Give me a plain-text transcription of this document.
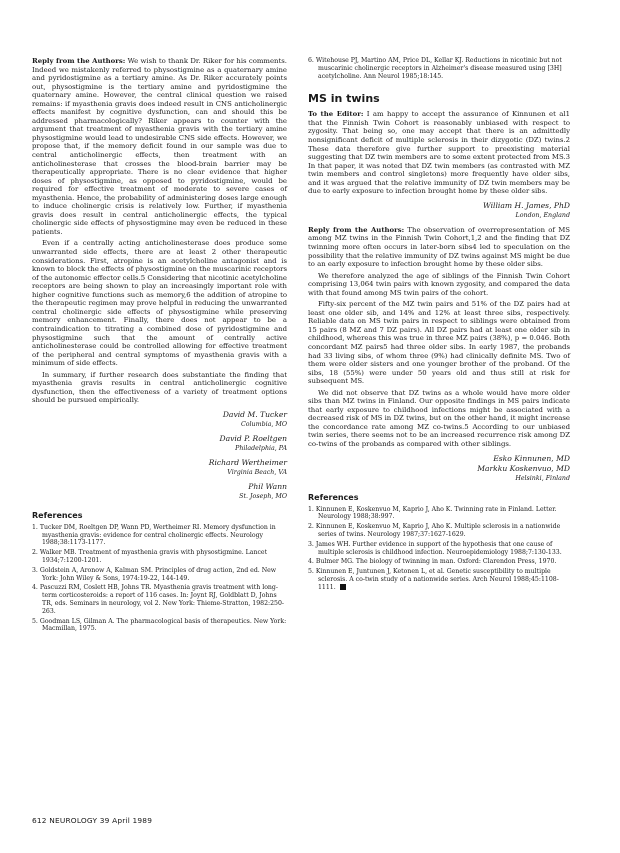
Reply from the Authors: We wish to thank Dr. Riker for his comments. Indeed we mistakenly referred to physostigmine as a quaternary amine and pyridostigmine as a tertiary amine. As Dr. Riker accurately points out, physostigmine is the tertiary amine and pyridostigmine the quaternary amine. However, the central clinical question we raised remains: if myasthenia gravis does indeed result in CNS anticholinergic effects manifest by cognitive dysfunction, can and should this be addressed pharmacologically? Riker appears to counter with the argument that treatment of myasthenia gravis with the tertiary amine physostigmine would lead to undesirable CNS side effects. However, we propose that, if the memory deficit found in our sample was due to central anticholinergic effects, then treatment with an anticholinesterase that crosses the blood-brain barrier may be therapeutically appropriate. There is no clear evidence that higher doses of physostigmine, as opposed to pyridostigmine, would be required for effective treatment of moderate to severe cases of myasthenia. Hence, the probability of administering doses large enough to induce cholinergic crisis is relatively low. Further, if myasthenia gravis does result in central anticholinergic effects, the typical cholinergic side effects of physostigmine may even be reduced in these patients.

Even if a centrally acting anticholinesterase does produce some unwarranted side effects, there are at least 2 other therapeutic considerations. First, atropine is an acetylcholine antagonist and is known to block the effects of physostigmine on the muscarinic receptors of the autonomic effector cells.5 Considering that nicotinic acetylcholine receptors are being shown to play an increasingly important role with higher cognitive functions such as memory,6 the addition of atropine to the therapeutic regimen may prove helpful in reducing the unwarranted central cholinergic side effects of physostigmine while preserving memory enhancement. Finally, there does not appear to be a contraindication to titrating a combined dose of pyridostigmine and physostigmine such that the amount of centrally active anticholinesterase could be controlled allowing for effective treatment of the peripheral and central symptoms of myasthenia gravis with a minimum of side effects.

In summary, if further research does substantiate the finding that myasthenia gravis results in central anticholinergic cognitive dysfunction, then the effectiveness of a variety of treatment options should be pursued empirically.

David M. Tucker
Columbia, MO
David P. Roeltgen
Philadelphia, PA
Richard Wertheimer
Virginia Beach, VA
Phil Wann
St. Joseph, MO
References
1. Tucker DM, Roeltgen DP, Wann PD, Wertheimer RI. Memory dysfunction in myasthenia gravis: evidence for central cholinergic effects. Neurology 1988;38:1173-1177.
2. Walker MB. Treatment of myasthenia gravis with physostigmine. Lancet 1934;7:1200-1201.
3. Goldstein A, Aronow A, Kalman SM. Principles of drug action, 2nd ed. New York: John Wiley & Sons, 1974:19-22, 144-149.
4. Pascuzzi RM, Coslett HB, Johns TR. Myasthenia gravis treatment with long-term corticosteroids: a report of 116 cases. In: Joynt RJ, Goldblatt D, Johns TR, eds. Seminars in neurology, vol 2. New York: Thieme-Stratton, 1982:250-263.
5. Goodman LS, Gilman A. The pharmacological basis of therapeutics. New York: Macmillan, 1975.
6. Witehouse PJ, Martino AM, Price DL, Kellar KJ. Reductions in nicotinic but not muscarinic cholinergic receptors in Alzheimer's disease measured using [3H] acetylcholine. Ann Neurol 1985;18:145.
MS in twins

To the Editor: I am happy to accept the assurance of Kinnunen et al1 that the Finnish Twin Cohort is reasonably unbiased with respect to zygosity. That being so, one may accept that there is an admittedly nonsignificant deficit of multiple sclerosis in their dizygotic (DZ) twins.2 These data therefore give further support to preexisting material suggesting that DZ twin members are to some extent protected from MS.3 In that paper, it was noted that DZ twin members (as contrasted with MZ twin members and control singletons) more frequently have older sibs, and it was argued that the relative immunity of DZ twin members may be due to early exposure to infection brought home by these older sibs.

William H. James, PhD
London, England

Reply from the Authors: The observation of overrepresentation of MS among MZ twins in the Finnish Twin Cohort,1,2 and the finding that DZ twinning more often occurs in later-born sibs4 led to speculation on the possibility that the relative immunity of DZ twins against MS might be due to an early exposure to infection brought home by these older sibs.

We therefore analyzed the age of siblings of the Finnish Twin Cohort comprising 13,064 twin pairs with known zygosity, and compared the data with that found among MS twin pairs of the cohort.

Fifty-six percent of the MZ twin pairs and 51% of the DZ pairs had at least one older sib, and 14% and 12% at least three sibs, respectively. Reliable data on MS twin pairs in respect to siblings were obtained from 15 pairs (8 MZ and 7 DZ pairs). All DZ pairs had at least one older sib in childhood, whereas this was true in three MZ pairs (38%), p = 0.046. Both concordant MZ pairs5 had three older sibs. In early 1987, the probands had 33 living sibs, of whom three (9%) had clinically definite MS. Two of them were older sisters and one younger brother of the proband. Of the sibs, 18 (55%) were under 50 years old and thus still at risk for subsequent MS.

We did not observe that DZ twins as a whole would have more older sibs than MZ twins in Finland. Our opposite findings in MS pairs indicate that early exposure to childhood infections might be associated with a decreased risk of MS in DZ twins, but on the other hand, it might increase the concordance rate among MZ co-twins.5 According to our unbiased twin series, there seems not to be an increased recurrence risk among DZ co-twins of the probands as compared with other siblings.

Esko Kinnunen, MD
Markku Koskenvuo, MD
Helsinki, Finland
References
1. Kinnunen E, Koskenvuo M, Kaprio J, Aho K. Twinning rate in Finland. Letter. Neurology 1988;38:997.
2. Kinnunen E, Koskenvuo M, Kaprio J, Aho K. Multiple sclerosis in a nationwide series of twins. Neurology 1987;37:1627-1629.
3. James WH. Further evidence in support of the hypothesis that one cause of multiple sclerosis is childhood infection. Neuroepidemiology 1988;7:130-133.
4. Bulmer MG. The biology of twinning in man. Oxford: Clarendon Press, 1970.
5. Kinnunen E, Juntunen J, Ketonen L, et al. Genetic susceptibility to multiple sclerosis. A co-twin study of a nationwide series. Arch Neurol 1988;45:1108-1111.
612 NEUROLOGY 39 April 1989
